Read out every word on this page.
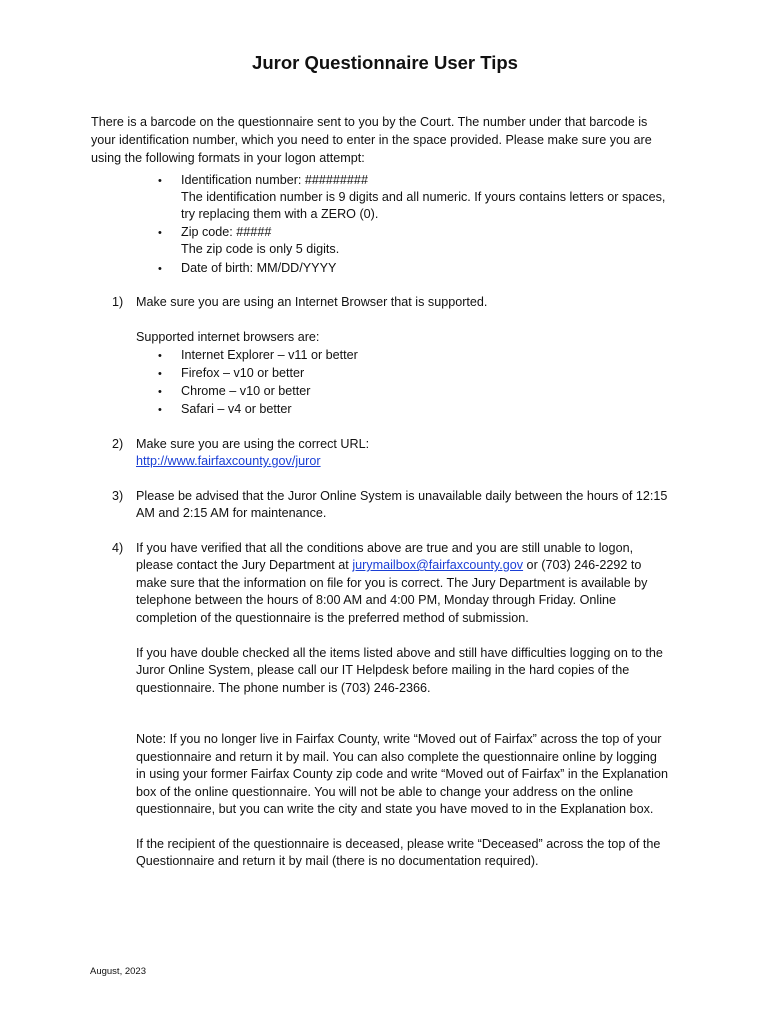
Juror Questionnaire User Tips
There is a barcode on the questionnaire sent to you by the Court. The number under that barcode is
your identification number, which you need to enter in the space provided. Please make sure you are
using the following formats in your logon attempt:
• Identification number: #########
The identification number is 9 digits and all numeric. If yours contains letters or spaces,
try replacing them with a ZERO (0).
• Zip code: #####
The zip code is only 5 digits.
• Date of birth: MM/DD/YYYY
1) Make sure you are using an Internet Browser that is supported.
Supported internet browsers are:
• Internet Explorer – v11 or better
• Firefox – v10 or better
• Chrome – v10 or better
• Safari – v4 or better
2) Make sure you are using the correct URL:
http://www.fairfaxcounty.gov/juror
3) Please be advised that the Juror Online System is unavailable daily between the hours of 12:15
AM and 2:15 AM for maintenance.
4) If you have verified that all the conditions above are true and you are still unable to logon,
please contact the Jury Department at jurymailbox@fairfaxcounty.gov or (703) 246-2292 to
make sure that the information on file for you is correct. The Jury Department is available by
telephone between the hours of 8:00 AM and 4:00 PM, Monday through Friday. Online
completion of the questionnaire is the preferred method of submission.
If you have double checked all the items listed above and still have difficulties logging on to the
Juror Online System, please call our IT Helpdesk before mailing in the hard copies of the
questionnaire. The phone number is (703) 246-2366.
Note: If you no longer live in Fairfax County, write “Moved out of Fairfax” across the top of your
questionnaire and return it by mail. You can also complete the questionnaire online by logging
in using your former Fairfax County zip code and write “Moved out of Fairfax” in the Explanation
box of the online questionnaire. You will not be able to change your address on the online
questionnaire, but you can write the city and state you have moved to in the Explanation box.
If the recipient of the questionnaire is deceased, please write “Deceased” across the top of the
Questionnaire and return it by mail (there is no documentation required).
August, 2023
